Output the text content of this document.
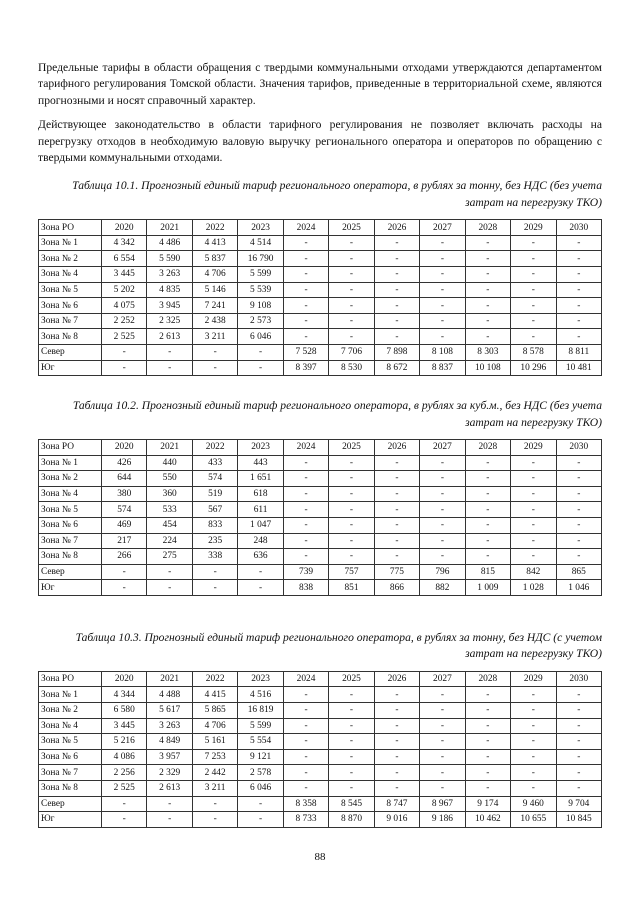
Предельные тарифы в области обращения с твердыми коммунальными отходами утверждаются департаментом тарифного регулирования Томской области. Значения тарифов, приведенные в территориальной схеме, являются прогнозными и носят справочный характер.

Действующее законодательство в области тарифного регулирования не позволяет включать расходы на перегрузку отходов в необходимую валовую выручку регионального оператора и операторов по обращению с твердыми коммунальными отходами.

Таблица 10.1. Прогнозный единый тариф регионального оператора, в рублях за тонну, без НДС (без учета затрат на перегрузку ТКО)
Зона РО	2020	2021	2022	2023	2024	2025	2026	2027	2028	2029	2030
Зона № 1	4 342	4 486	4 413	4 514	-	-	-	-	-	-	-
Зона № 2	6 554	5 590	5 837	16 790	-	-	-	-	-	-	-
Зона № 4	3 445	3 263	4 706	5 599	-	-	-	-	-	-	-
Зона № 5	5 202	4 835	5 146	5 539	-	-	-	-	-	-	-
Зона № 6	4 075	3 945	7 241	9 108	-	-	-	-	-	-	-
Зона № 7	2 252	2 325	2 438	2 573	-	-	-	-	-	-	-
Зона № 8	2 525	2 613	3 211	6 046	-	-	-	-	-	-	-
Север	-	-	-	-	7 528	7 706	7 898	8 108	8 303	8 578	8 811
Юг	-	-	-	-	8 397	8 530	8 672	8 837	10 108	10 296	10 481
Таблица 10.2. Прогнозный единый тариф регионального оператора, в рублях за куб.м., без НДС (без учета затрат на перегрузку ТКО)
Зона РО	2020	2021	2022	2023	2024	2025	2026	2027	2028	2029	2030
Зона № 1	426	440	433	443	-	-	-	-	-	-	-
Зона № 2	644	550	574	1 651	-	-	-	-	-	-	-
Зона № 4	380	360	519	618	-	-	-	-	-	-	-
Зона № 5	574	533	567	611	-	-	-	-	-	-	-
Зона № 6	469	454	833	1 047	-	-	-	-	-	-	-
Зона № 7	217	224	235	248	-	-	-	-	-	-	-
Зона № 8	266	275	338	636	-	-	-	-	-	-	-
Север	-	-	-	-	739	757	775	796	815	842	865
Юг	-	-	-	-	838	851	866	882	1 009	1 028	1 046
Таблица 10.3. Прогнозный единый тариф регионального оператора, в рублях за тонну, без НДС (с учетом затрат на перегрузку ТКО)
Зона РО	2020	2021	2022	2023	2024	2025	2026	2027	2028	2029	2030
Зона № 1	4 344	4 488	4 415	4 516	-	-	-	-	-	-	-
Зона № 2	6 580	5 617	5 865	16 819	-	-	-	-	-	-	-
Зона № 4	3 445	3 263	4 706	5 599	-	-	-	-	-	-	-
Зона № 5	5 216	4 849	5 161	5 554	-	-	-	-	-	-	-
Зона № 6	4 086	3 957	7 253	9 121	-	-	-	-	-	-	-
Зона № 7	2 256	2 329	2 442	2 578	-	-	-	-	-	-	-
Зона № 8	2 525	2 613	3 211	6 046	-	-	-	-	-	-	-
Север	-	-	-	-	8 358	8 545	8 747	8 967	9 174	9 460	9 704
Юг	-	-	-	-	8 733	8 870	9 016	9 186	10 462	10 655	10 845
88
